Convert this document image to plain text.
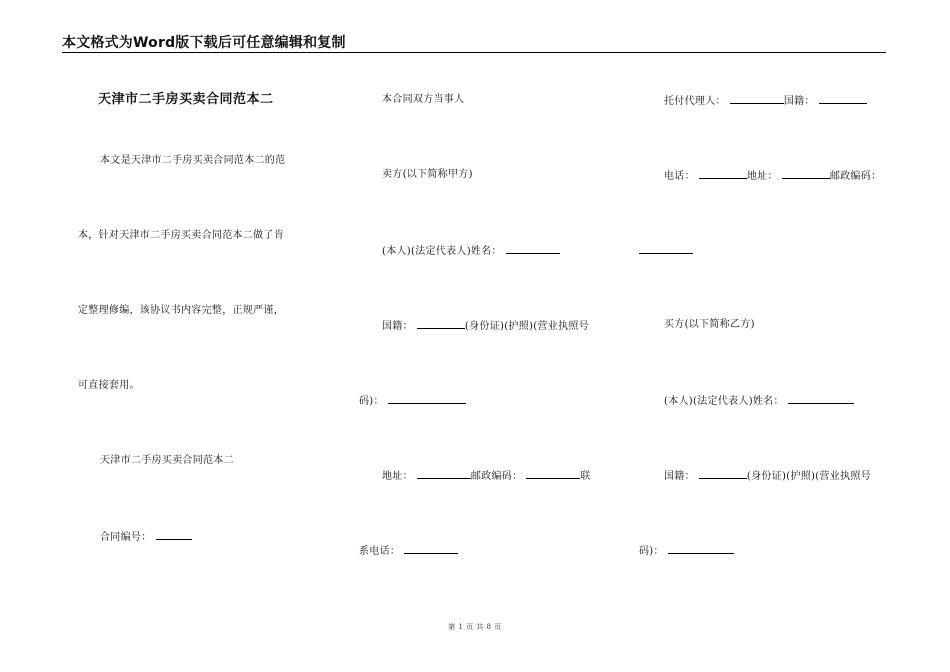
本文格式为Word版下载后可任意编辑和复制
天津市二手房买卖合同范本二
本文是天津市二手房买卖合同范本二的范
本，针对天津市二手房买卖合同范本二做了肯
定整理修编，该协议书内容完整，正规严谨，
可直接套用。
天津市二手房买卖合同范本二
合同编号：
本合同双方当事人
卖方(以下简称甲方)
(本人)(法定代表人)姓名：
国籍：	(身份证)(护照)(营业执照号
码)：
地址：	邮政编码：	联
系电话：
托付代理人：	国籍：
电话：	地址：	邮政编码：
买方(以下简称乙方)
(本人)(法定代表人)姓名：
国籍：	(身份证)(护照)(营业执照号
码)：
第 1 页 共 8 页
